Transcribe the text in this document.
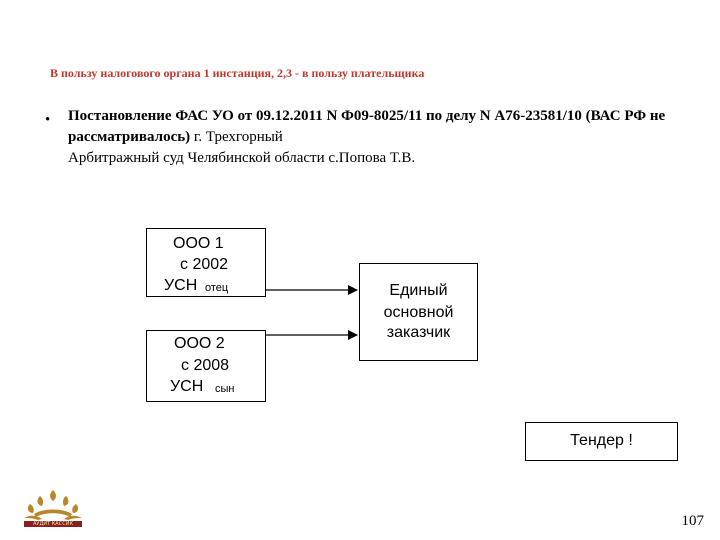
В пользу налогового органа 1 инстанция, 2,3 - в пользу плательщика
• Постановление ФАС УО от 09.12.2011 N Ф09-8025/11 по делу N А76-23581/10 (ВАС РФ не рассматривалось) г. Трехгорный
Арбитражный суд Челябинской области с.Попова Т.В.
ООО 1
с 2002
УСН отец
ООО 2
с 2008
УСН сын
Единый
основной
заказчик
Тендер !
АУДИТ КАССИК	107
